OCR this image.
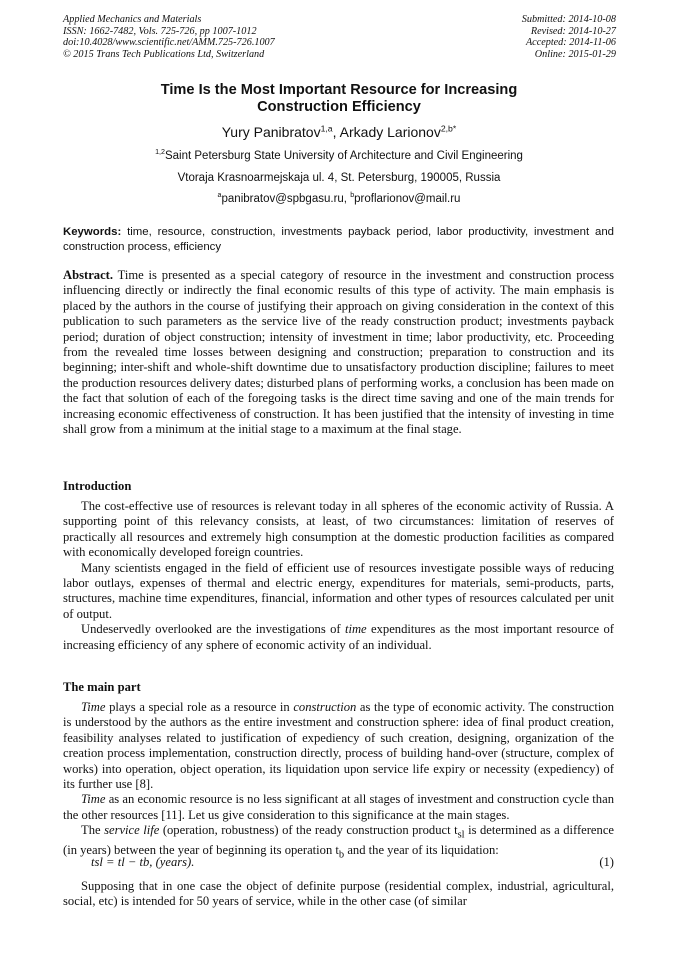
Applied Mechanics and Materials
ISSN: 1662-7482, Vols. 725-726, pp 1007-1012
doi:10.4028/www.scientific.net/AMM.725-726.1007
© 2015 Trans Tech Publications Ltd, Switzerland
Submitted: 2014-10-08
Revised: 2014-10-27
Accepted: 2014-11-06
Online: 2015-01-29
Time Is the Most Important Resource for Increasing
Construction Efficiency
Yury Panibratov$^{1,a}$, Arkady Larionov$^{2,b*}$
$^{1,2}$Saint Petersburg State University of Architecture and Civil Engineering
Vtoraja Krasnoarmejskaja ul. 4, St. Petersburg, 190005, Russia
$^a$panibratov@spbgasu.ru, $^b$proflarionov@mail.ru
Keywords: time, resource, construction, investments payback period, labor productivity, investment and construction process, efficiency

Abstract. Time is presented as a special category of resource in the investment and construction process influencing directly or indirectly the final economic results of this type of activity. The main emphasis is placed by the authors in the course of justifying their approach on giving consideration in the context of this publication to such parameters as the service live of the ready construction product; investments payback period; duration of object construction; intensity of investment in time; labor productivity, etc. Proceeding from the revealed time losses between designing and construction; preparation to construction and its beginning; inter-shift and whole-shift downtime due to unsatisfactory production discipline; failures to meet the production resources delivery dates; disturbed plans of performing works, a conclusion has been made on the fact that solution of each of the foregoing tasks is the direct time saving and one of the main trends for increasing economic effectiveness of construction. It has been justified that the intensity of investing in time shall grow from a minimum at the initial stage to a maximum at the final stage.

Introduction

The cost-effective use of resources is relevant today in all spheres of the economic activity of Russia. A supporting point of this relevancy consists, at least, of two circumstances: limitation of reserves of practically all resources and extremely high consumption at the domestic production facilities as compared with economically developed foreign countries.

Many scientists engaged in the field of efficient use of resources investigate possible ways of reducing labor outlays, expenses of thermal and electric energy, expenditures for materials, semi-products, parts, structures, machine time expenditures, financial, information and other types of resources calculated per unit of output.

Undeservedly overlooked are the investigations of time expenditures as the most important resource of increasing efficiency of any sphere of economic activity of an individual.

The main part

Time plays a special role as a resource in construction as the type of economic activity. The construction is understood by the authors as the entire investment and construction sphere: idea of final product creation, feasibility analyses related to justification of expediency of such creation, designing, organization of the creation process implementation, construction directly, process of building hand-over (structure, complex of works) into operation, object operation, its liquidation upon service life expiry or necessity (expediency) of its further use [8].

Time as an economic resource is no less significant at all stages of investment and construction cycle than the other resources [11]. Let us give consideration to this significance at the main stages.

The service life (operation, robustness) of the ready construction product $t_{sl}$ is determined as a difference (in years) between the year of beginning its operation $t_b$ and the year of its liquidation:

tsl = tl − tb, (years).	(1)

Supposing that in one case the object of definite purpose (residential complex, industrial, agricultural, social, etc) is intended for 50 years of service, while in the other case (of similar
